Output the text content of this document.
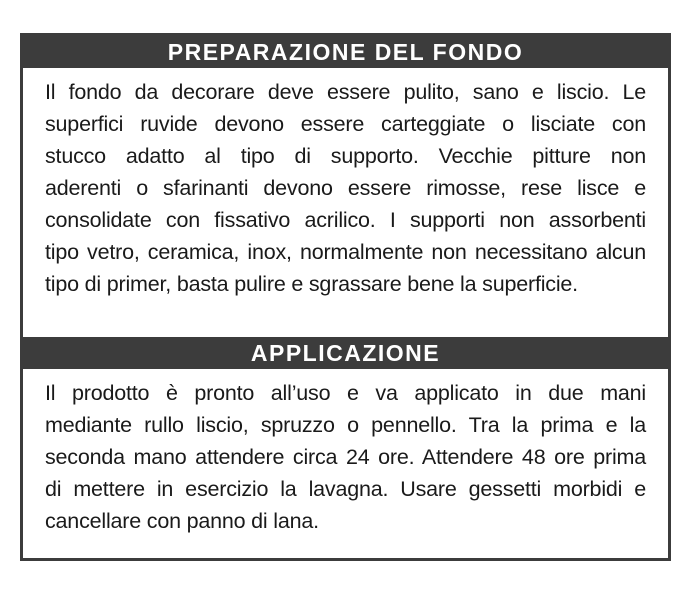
PREPARAZIONE DEL FONDO
Il fondo da decorare deve essere pulito, sano e liscio. Le
superfici ruvide devono essere carteggiate o lisciate con
stucco adatto al tipo di supporto. Vecchie pitture non
aderenti o sfarinanti devono essere rimosse, rese lisce e
consolidate con fissativo acrilico. I supporti non assorbenti
tipo vetro, ceramica, inox, normalmente non necessitano alcun
tipo di primer, basta pulire e sgrassare bene la superficie.
APPLICAZIONE
Il prodotto è pronto all’uso e va applicato in due mani
mediante rullo liscio, spruzzo o pennello. Tra la prima e la
seconda mano attendere circa 24 ore. Attendere 48 ore prima
di mettere in esercizio la lavagna. Usare gessetti morbidi e
cancellare con panno di lana.
